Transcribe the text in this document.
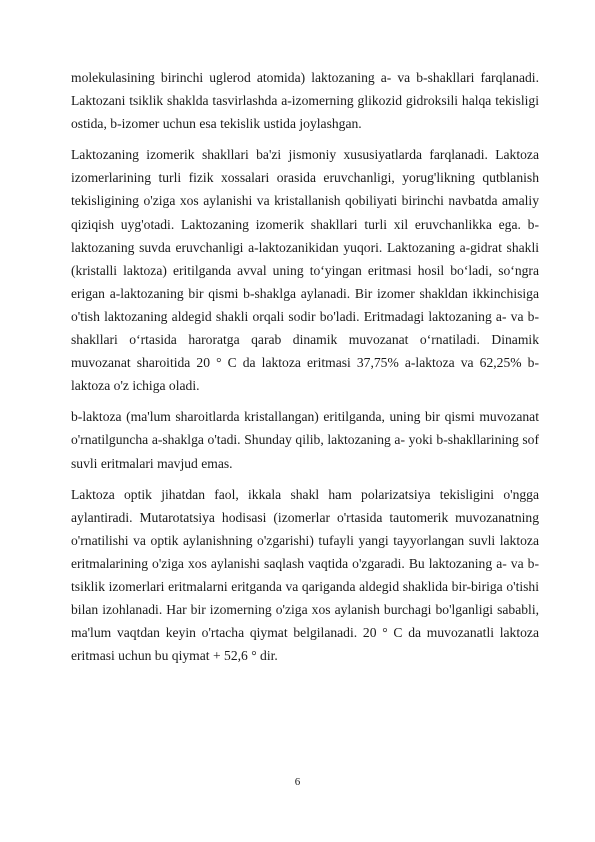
molekulasining birinchi uglerod atomida) laktozaning a- va b-shakllari farqlanadi. Laktozani tsiklik shaklda tasvirlashda a-izomerning glikozid gidroksili halqa tekisligi ostida, b-izomer uchun esa tekislik ustida joylashgan.

Laktozaning izomerik shakllari ba'zi jismoniy xususiyatlarda farqlanadi. Laktoza izomerlarining turli fizik xossalari orasida eruvchanligi, yorug'likning qutblanish tekisligining o'ziga xos aylanishi va kristallanish qobiliyati birinchi navbatda amaliy qiziqish uyg'otadi. Laktozaning izomerik shakllari turli xil eruvchanlikka ega. b-laktozaning suvda eruvchanligi a-laktozanikidan yuqori. Laktozaning a-gidrat shakli (kristalli laktoza) eritilganda avval uning to‘yingan eritmasi hosil bo‘ladi, so‘ngra erigan a-laktozaning bir qismi b-shaklga aylanadi. Bir izomer shakldan ikkinchisiga o'tish laktozaning aldegid shakli orqali sodir bo'ladi. Eritmadagi laktozaning a- va b-shakllari o‘rtasida haroratga qarab dinamik muvozanat o‘rnatiladi. Dinamik muvozanat sharoitida 20 ° C da laktoza eritmasi 37,75% a-laktoza va 62,25% b-laktoza o'z ichiga oladi.

b-laktoza (ma'lum sharoitlarda kristallangan) eritilganda, uning bir qismi muvozanat o'rnatilguncha a-shaklga o'tadi. Shunday qilib, laktozaning a- yoki b-shakllarining sof suvli eritmalari mavjud emas.

Laktoza optik jihatdan faol, ikkala shakl ham polarizatsiya tekisligini o'ngga aylantiradi. Mutarotatsiya hodisasi (izomerlar o'rtasida tautomerik muvozanatning o'rnatilishi va optik aylanishning o'zgarishi) tufayli yangi tayyorlangan suvli laktoza eritmalarining o'ziga xos aylanishi saqlash vaqtida o'zgaradi. Bu laktozaning a- va b-tsiklik izomerlari eritmalarni eritganda va qariganda aldegid shaklida bir-biriga o'tishi bilan izohlanadi. Har bir izomerning o'ziga xos aylanish burchagi bo'lganligi sababli, ma'lum vaqtdan keyin o'rtacha qiymat belgilanadi. 20 ° C da muvozanatli laktoza eritmasi uchun bu qiymat + 52,6 ° dir.

6
